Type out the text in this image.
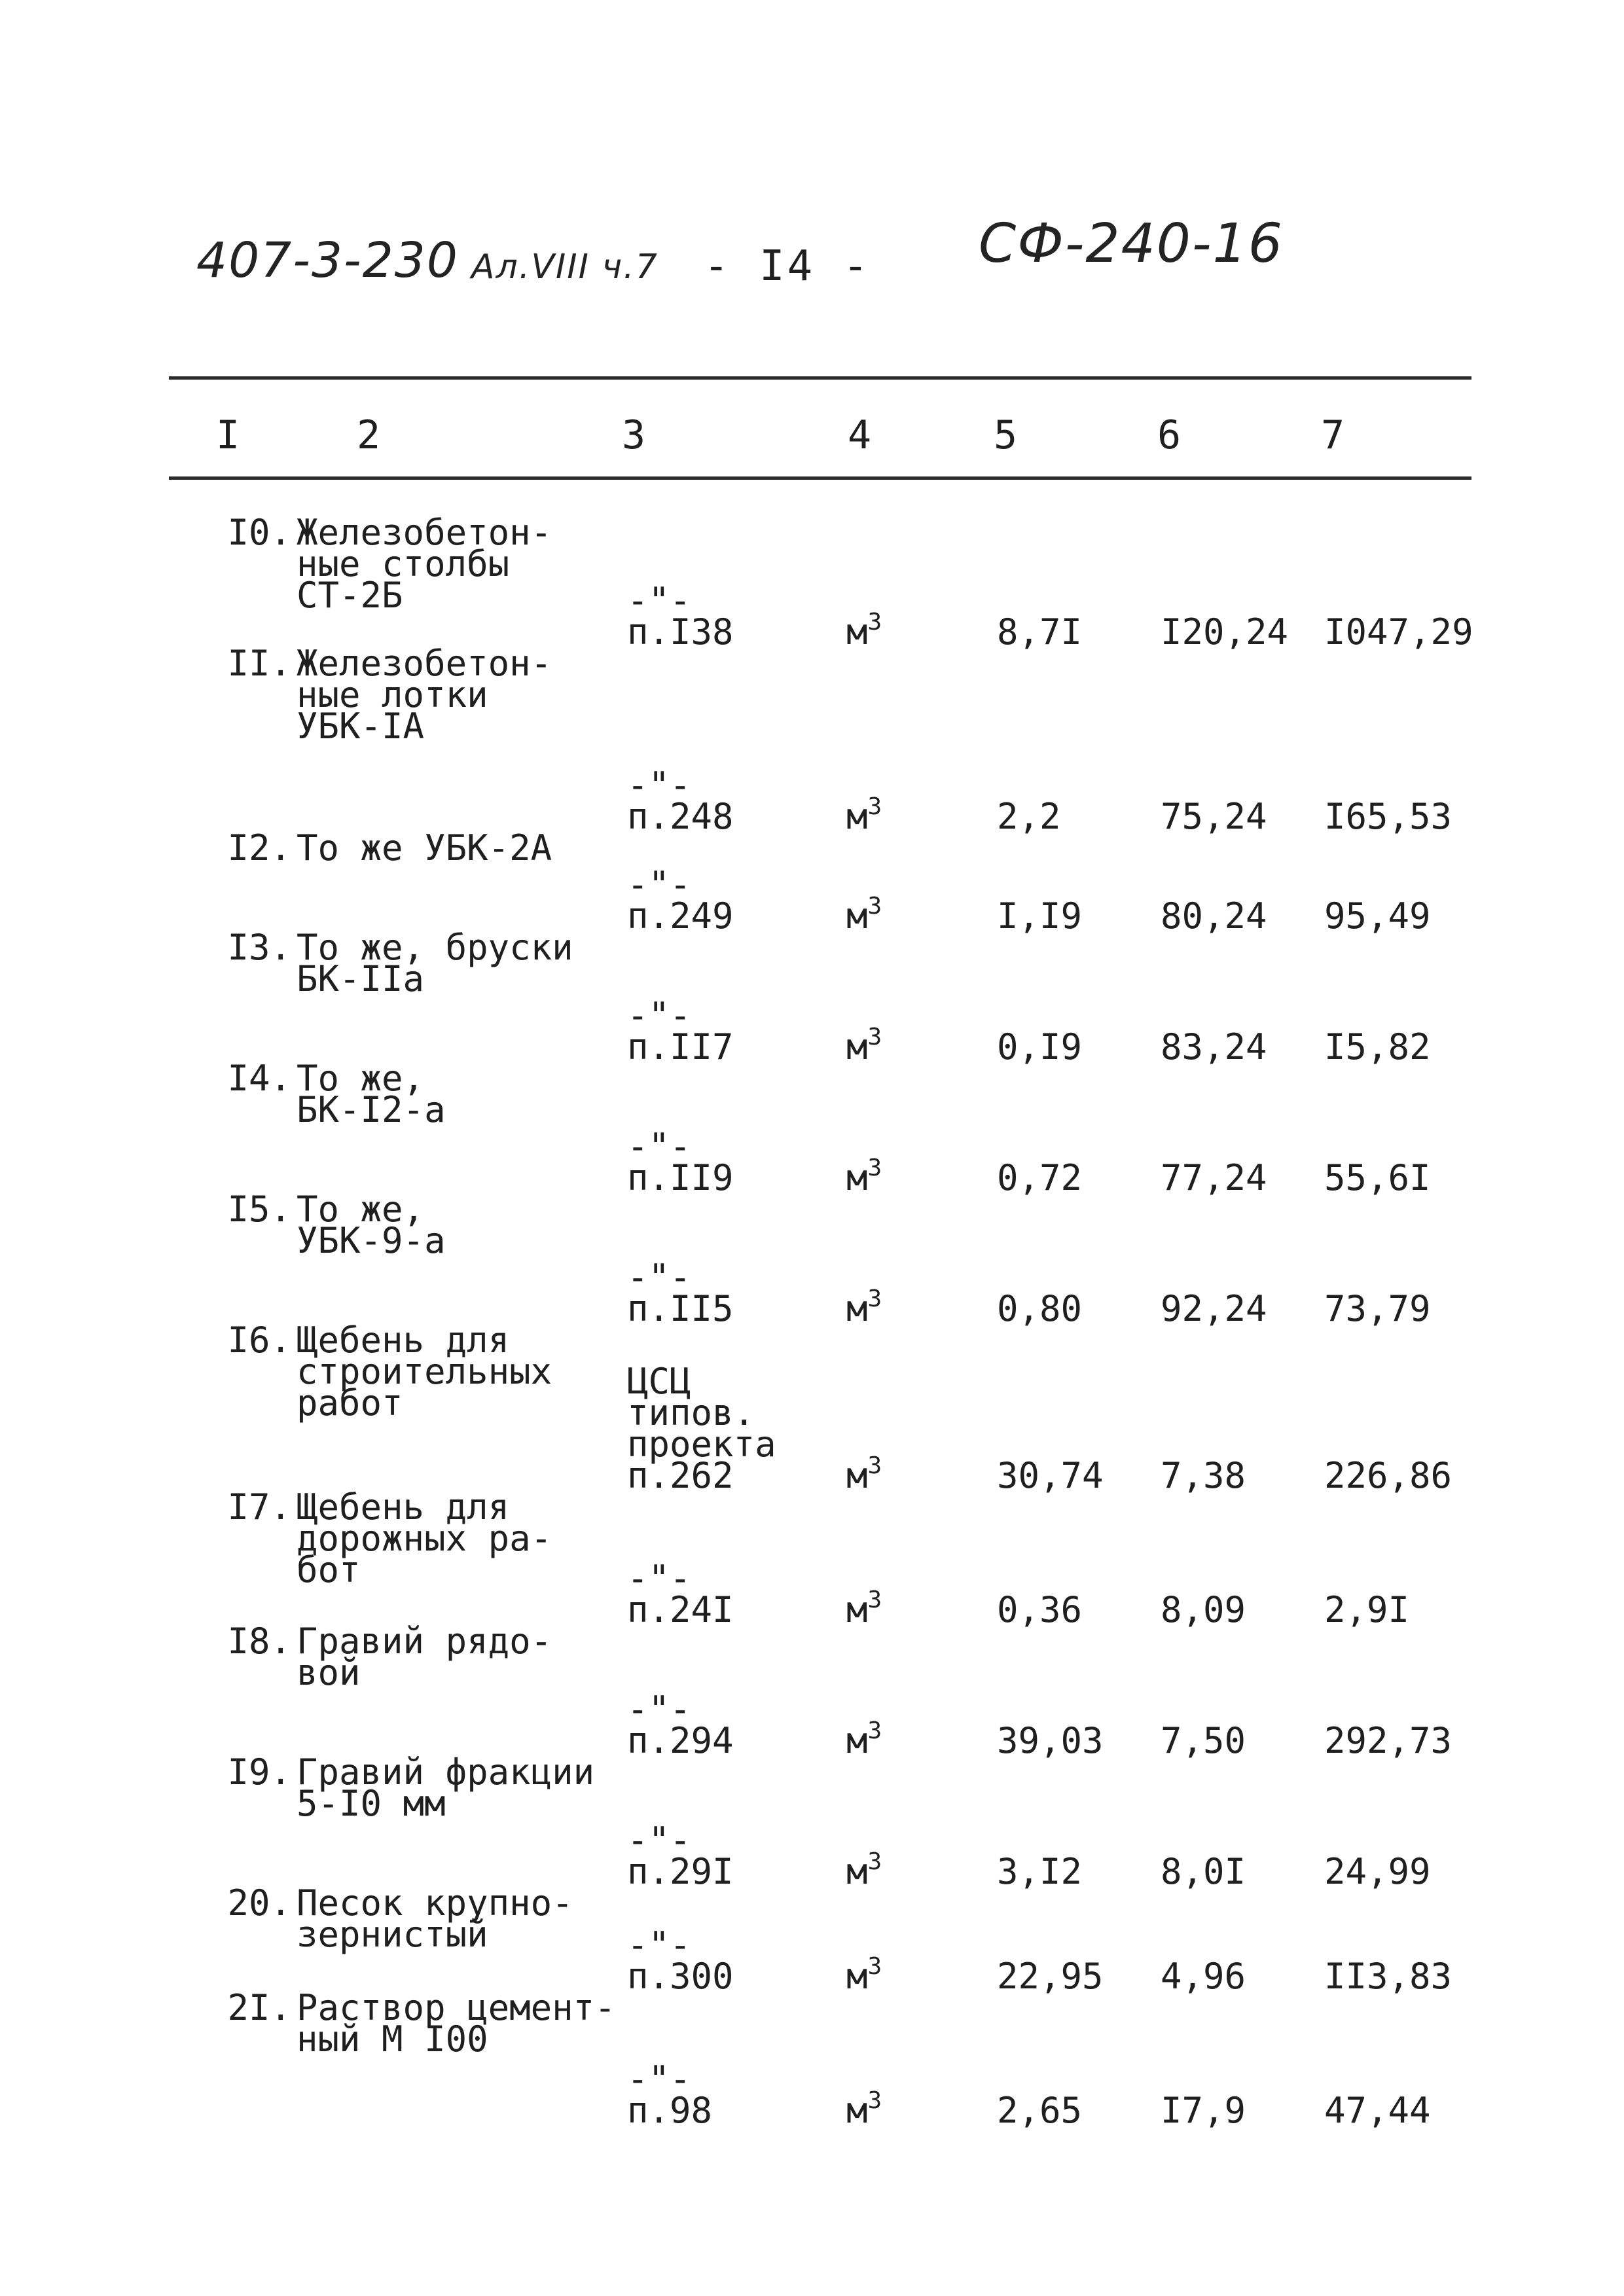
407-3-230 Ал.VIII ч.7 - I4 - СФ-240-16
I	2	3	4	5	6	7
I0.	Железобетон-
ные столбы
СТ-2Б	-"-
п.I38	$м^3$	8,7I	I20,24	I047,29
II.	Железобетон-
ные лотки
УБК-IА	-"-
п.248	$м^3$	2,2	75,24	I65,53
I2.	То же УБК-2А	-"-
п.249	$м^3$	I,I9	80,24	95,49
I3.	То же, бруски
БК-IIа	-"-
п.II7	$м^3$	0,I9	83,24	I5,82
I4.	То же,
БК-I2-а	-"-
п.II9	$м^3$	0,72	77,24	55,6I
I5.	То же,
УБК-9-а	-"-
п.II5	$м^3$	0,80	92,24	73,79
I6.	Щебень для
строительных
работ	ЦСЦ
типов.
проекта
п.262	$м^3$	30,74	7,38	226,86
I7.	Щебень для
дорожных ра-
бот	-"-
п.24I	$м^3$	0,36	8,09	2,9I
I8.	Гравий рядо-
вой	-"-
п.294	$м^3$	39,03	7,50	292,73
I9.	Гравий фракции
5-I0 мм	-"-
п.29I	$м^3$	3,I2	8,0I	24,99
20.	Песок крупно-
зернистый	-"-
п.300	$м^3$	22,95	4,96	II3,83
2I.	Раствор цемент-
ный М I00	-"-
п.98	$м^3$	2,65	I7,9	47,44
